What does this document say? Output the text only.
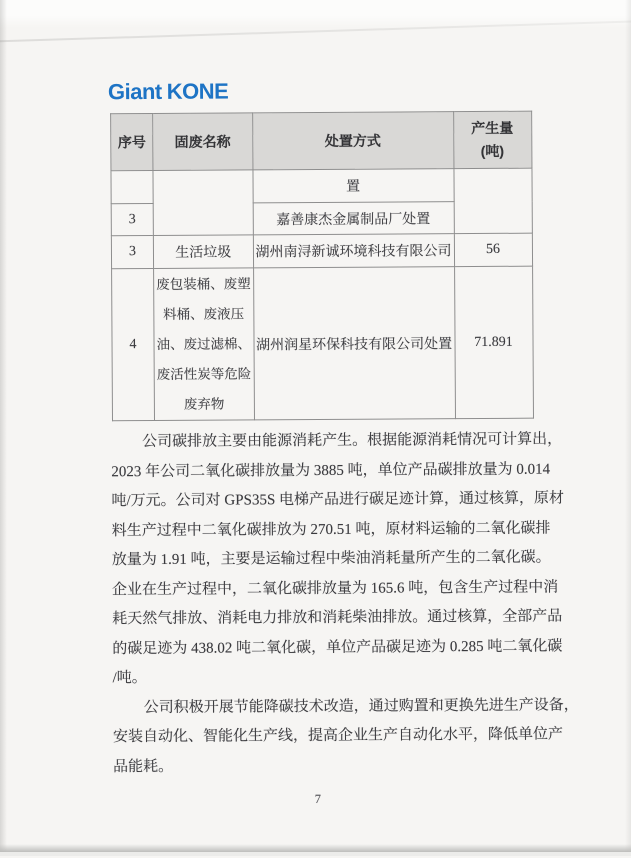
Giant KONE
序号	固废名称	处置方式	产生量
(吨)

		置	
3		嘉善康杰金属制品厂处置	
3	生活垃圾	湖州南浔新诚环境科技有限公司	56
4	废包装桶、废塑
料桶、废液压
油、废过滤棉、
废活性炭等危险
废弃物	湖州润星环保科技有限公司处置	71.891
公司碳排放主要由能源消耗产生。根据能源消耗情况可计算出，
2023 年公司二氧化碳排放量为 3885 吨，单位产品碳排放量为 0.014
吨/万元。公司对 GPS35S 电梯产品进行碳足迹计算，通过核算，原材
料生产过程中二氧化碳排放为 270.51 吨，原材料运输的二氧化碳排
放量为 1.91 吨，主要是运输过程中柴油消耗量所产生的二氧化碳。
企业在生产过程中，二氧化碳排放量为 165.6 吨，包含生产过程中消
耗天然气排放、消耗电力排放和消耗柴油排放。通过核算，全部产品
的碳足迹为 438.02 吨二氧化碳，单位产品碳足迹为 0.285 吨二氧化碳
/吨。
公司积极开展节能降碳技术改造，通过购置和更换先进生产设备，
安装自动化、智能化生产线，提高企业生产自动化水平，降低单位产
品能耗。
7
